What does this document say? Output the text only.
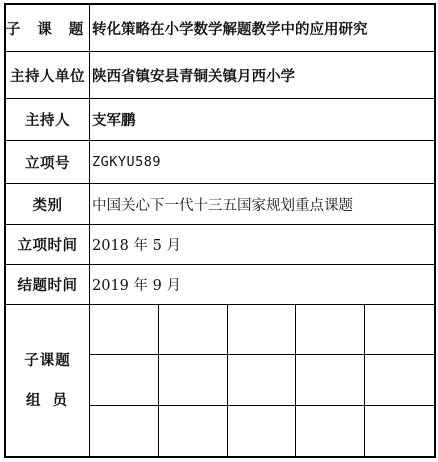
子 课 题 转化策略在小学数学解题教学中的应用研究
主持人单位 陕西省镇安县青铜关镇月西小学
主持人	支军鹏
立项号	ZGKYU589
类别	中国关心下一代十三五国家规划重点课题
立项时间	2018 年 5 月
结题时间	2019 年 9 月
子课题
组员
